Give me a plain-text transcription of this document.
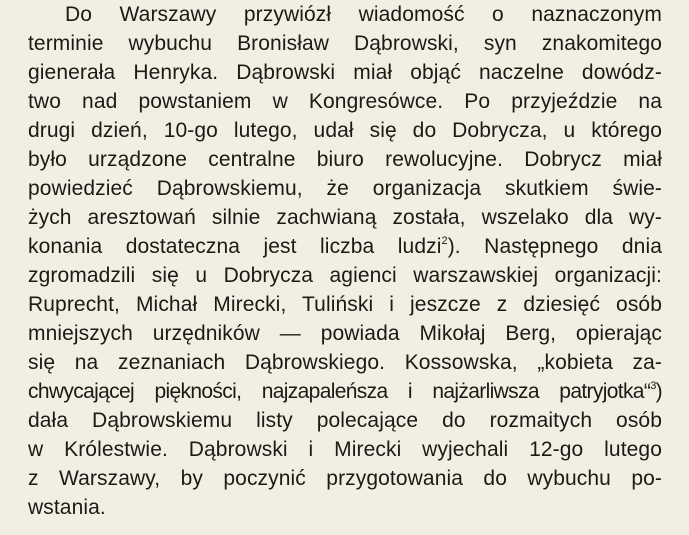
Do Warszawy przywiózł wiadomość o naznaczonym
terminie wybuchu Bronisław Dąbrowski, syn znakomitego
gienerała Henryka. Dąbrowski miał objąć naczelne dowódz-
two nad powstaniem w Kongresówce. Po przyjeździe na
drugi dzień, 10-go lutego, udał się do Dobrycza, u którego
było urządzone centralne biuro rewolucyjne. Dobrycz miał
powiedzieć Dąbrowskiemu, że organizacja skutkiem świe-
żych aresztowań silnie zachwianą została, wszelako dla wy-
konania dostateczna jest liczba ludzi$^2$). Następnego dnia
zgromadzili się u Dobrycza agienci warszawskiej organizacji:
Ruprecht, Michał Mirecki, Tuliński i jeszcze z dziesięć osób
mniejszych urzędników — powiada Mikołaj Berg, opierając
się na zeznaniach Dąbrowskiego. Kossowska, „kobieta za-
chwycającej piękności, najzapaleńsza i najżarliwsza patryjotka“$^3$)
dała Dąbrowskiemu listy polecające do rozmaitych osób
w Królestwie. Dąbrowski i Mirecki wyjechali 12-go lutego
z Warszawy, by poczynić przygotowania do wybuchu po-
wstania.
